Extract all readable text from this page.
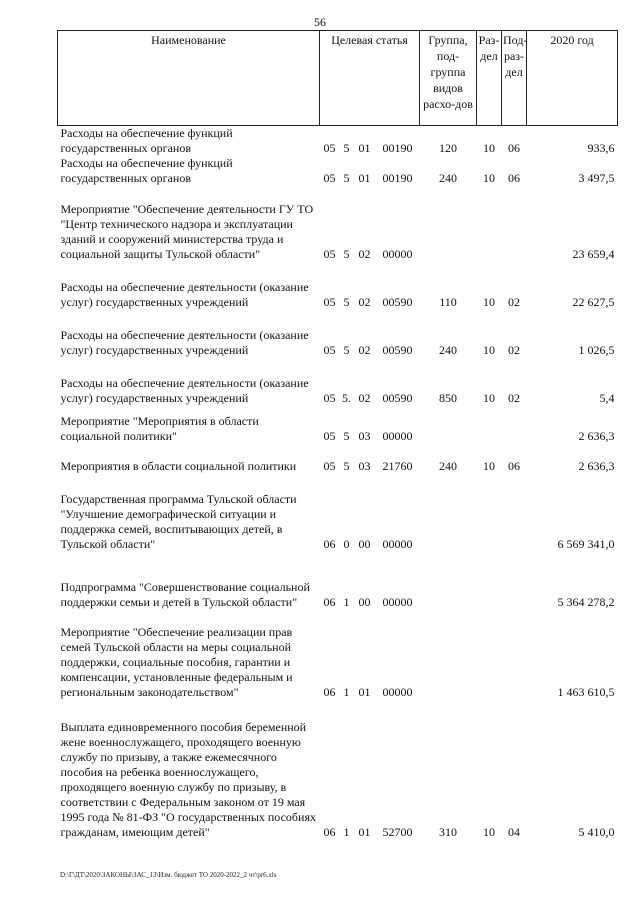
56
Наименование	Целевая статья				Группа, под-группа видов расхо-дов	Раз-дел	Под-раз-дел	2020 год
Расходы на обеспечение функций государственных органов	05	5	01	00190	120	10	06	933,6
Расходы на обеспечение функций государственных органов	05	5	01	00190	240	10	06	3 497,5
Мероприятие "Обеспечение деятельности ГУ ТО "Центр технического надзора и эксплуатации зданий и сооружений министерства труда и социальной защиты Тульской области"	05	5	02	00000				23 659,4
Расходы на обеспечение деятельности (оказание услуг) государственных учреждений	05	5	02	00590	110	10	02	22 627,5
Расходы на обеспечение деятельности (оказание услуг) государственных учреждений	05	5	02	00590	240	10	02	1 026,5
Расходы на обеспечение деятельности (оказание услуг) государственных учреждений	05	5.	02	00590	850	10	02	5,4
Мероприятие "Мероприятия в области социальной политики"	05	5	03	00000				2 636,3
Мероприятия в области социальной политики	05	5	03	21760	240	10	06	2 636,3
Государственная программа Тульской области "Улучшение демографической ситуации и поддержка семей, воспитывающих детей, в Тульской области"	06	0	00	00000				6 569 341,0
Подпрограмма "Совершенствование социальной поддержки семьи и детей в Тульской области"	06	1	00	00000				5 364 278,2
Мероприятие "Обеспечение реализации прав семей Тульской области на меры социальной поддержки, социальные пособия, гарантии и компенсации, установленные федеральным и региональным законодательством"	06	1	01	00000				1 463 610,5
Выплата единовременного пособия беременной жене военнослужащего, проходящего военную службу по призыву, а также ежемесячного пособия на ребенка военнослужащего, проходящего военную службу по призыву, в соответствии с Федеральным законом от 19 мая 1995 года № 81-ФЗ "О государственных пособиях гражданам, имеющим детей"	06	1	01	52700	310	10	04	5 410,0
D:\Г\ДТ\2020\ЗАКОНЫ\ЗАС_13\Изм. бюджет ТО 2020-2022_2 чт\pr6.xls
